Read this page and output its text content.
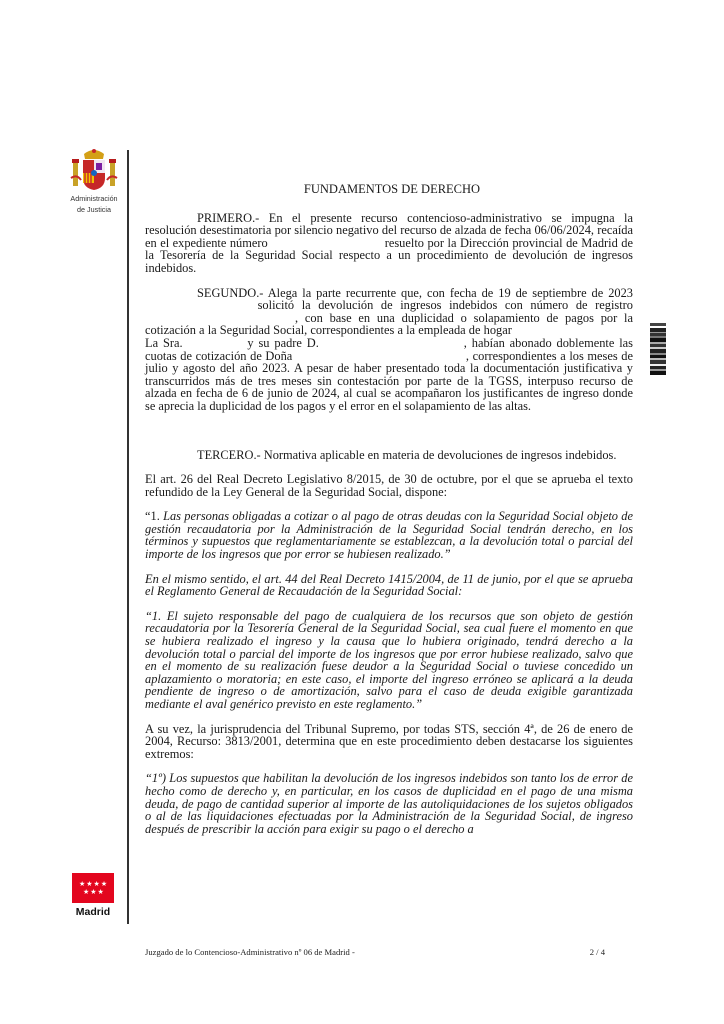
Administración
de Justicia
★★★★
★★★
Madrid

FUNDAMENTOS DE DERECHO

PRIMERO.- En el presente recurso contencioso-administrativo se impugna la resolución desestimatoria por silencio negativo del recurso de alzada de fecha 06/06/2024, recaída en el expediente número	resuelto por la Dirección provincial de Madrid de la Tesorería de la Seguridad Social respecto a un procedimiento de devolución de ingresos indebidos.

SEGUNDO.- Alega la parte recurrente que, con fecha de 19 de septiembre de 2023  solicitó la devolución de ingresos indebidos con número de registro , con base en una duplicidad o solapamiento de pagos por la cotización a la Seguridad Social, correspondientes a la empleada de hogar  La Sra.	y su padre D.	, habían abonado doblemente las cuotas de cotización de Doña	, correspondientes a los meses de julio y agosto del año 2023. A pesar de haber presentado toda la documentación justificativa y transcurridos más de tres meses sin contestación por parte de la TGSS, interpuso recurso de alzada en fecha de 6 de junio de 2024, al cual se acompañaron los justificantes de ingreso donde se aprecia la duplicidad de los pagos y el error en el solapamiento de las altas.

TERCERO.- Normativa aplicable en materia de devoluciones de ingresos indebidos.

El art. 26 del Real Decreto Legislativo 8/2015, de 30 de octubre, por el que se aprueba el texto refundido de la Ley General de la Seguridad Social, dispone:

“1. Las personas obligadas a cotizar o al pago de otras deudas con la Seguridad Social objeto de gestión recaudatoria por la Administración de la Seguridad Social tendrán derecho, en los términos y supuestos que reglamentariamente se establezcan, a la devolución total o parcial del importe de los ingresos que por error se hubiesen realizado.”

En el mismo sentido, el art. 44 del Real Decreto 1415/2004, de 11 de junio, por el que se aprueba el Reglamento General de Recaudación de la Seguridad Social:

“1. El sujeto responsable del pago de cualquiera de los recursos que son objeto de gestión recaudatoria por la Tesorería General de la Seguridad Social, sea cual fuere el momento en que se hubiera realizado el ingreso y la causa que lo hubiera originado, tendrá derecho a la devolución total o parcial del importe de los ingresos que por error hubiese realizado, salvo que en el momento de su realización fuese deudor a la Seguridad Social o tuviese concedido un aplazamiento o moratoria; en este caso, el importe del ingreso erróneo se aplicará a la deuda pendiente de ingreso o de amortización, salvo para el caso de deuda exigible garantizada mediante el aval genérico previsto en este reglamento.”

A su vez, la jurisprudencia del Tribunal Supremo, por todas STS, sección 4ª, de 26 de enero de 2004, Recurso: 3813/2001, determina que en este procedimiento deben destacarse los siguientes extremos:

“1º) Los supuestos que habilitan la devolución de los ingresos indebidos son tanto los de error de hecho como de derecho y, en particular, en los casos de duplicidad en el pago de una misma deuda, de pago de cantidad superior al importe de las autoliquidaciones de los sujetos obligados o al de las liquidaciones efectuadas por la Administración de la Seguridad Social, de ingreso después de prescribir la acción para exigir su pago o el derecho a

Juzgado de lo Contencioso-Administrativo nº 06 de Madrid -	2 / 4
